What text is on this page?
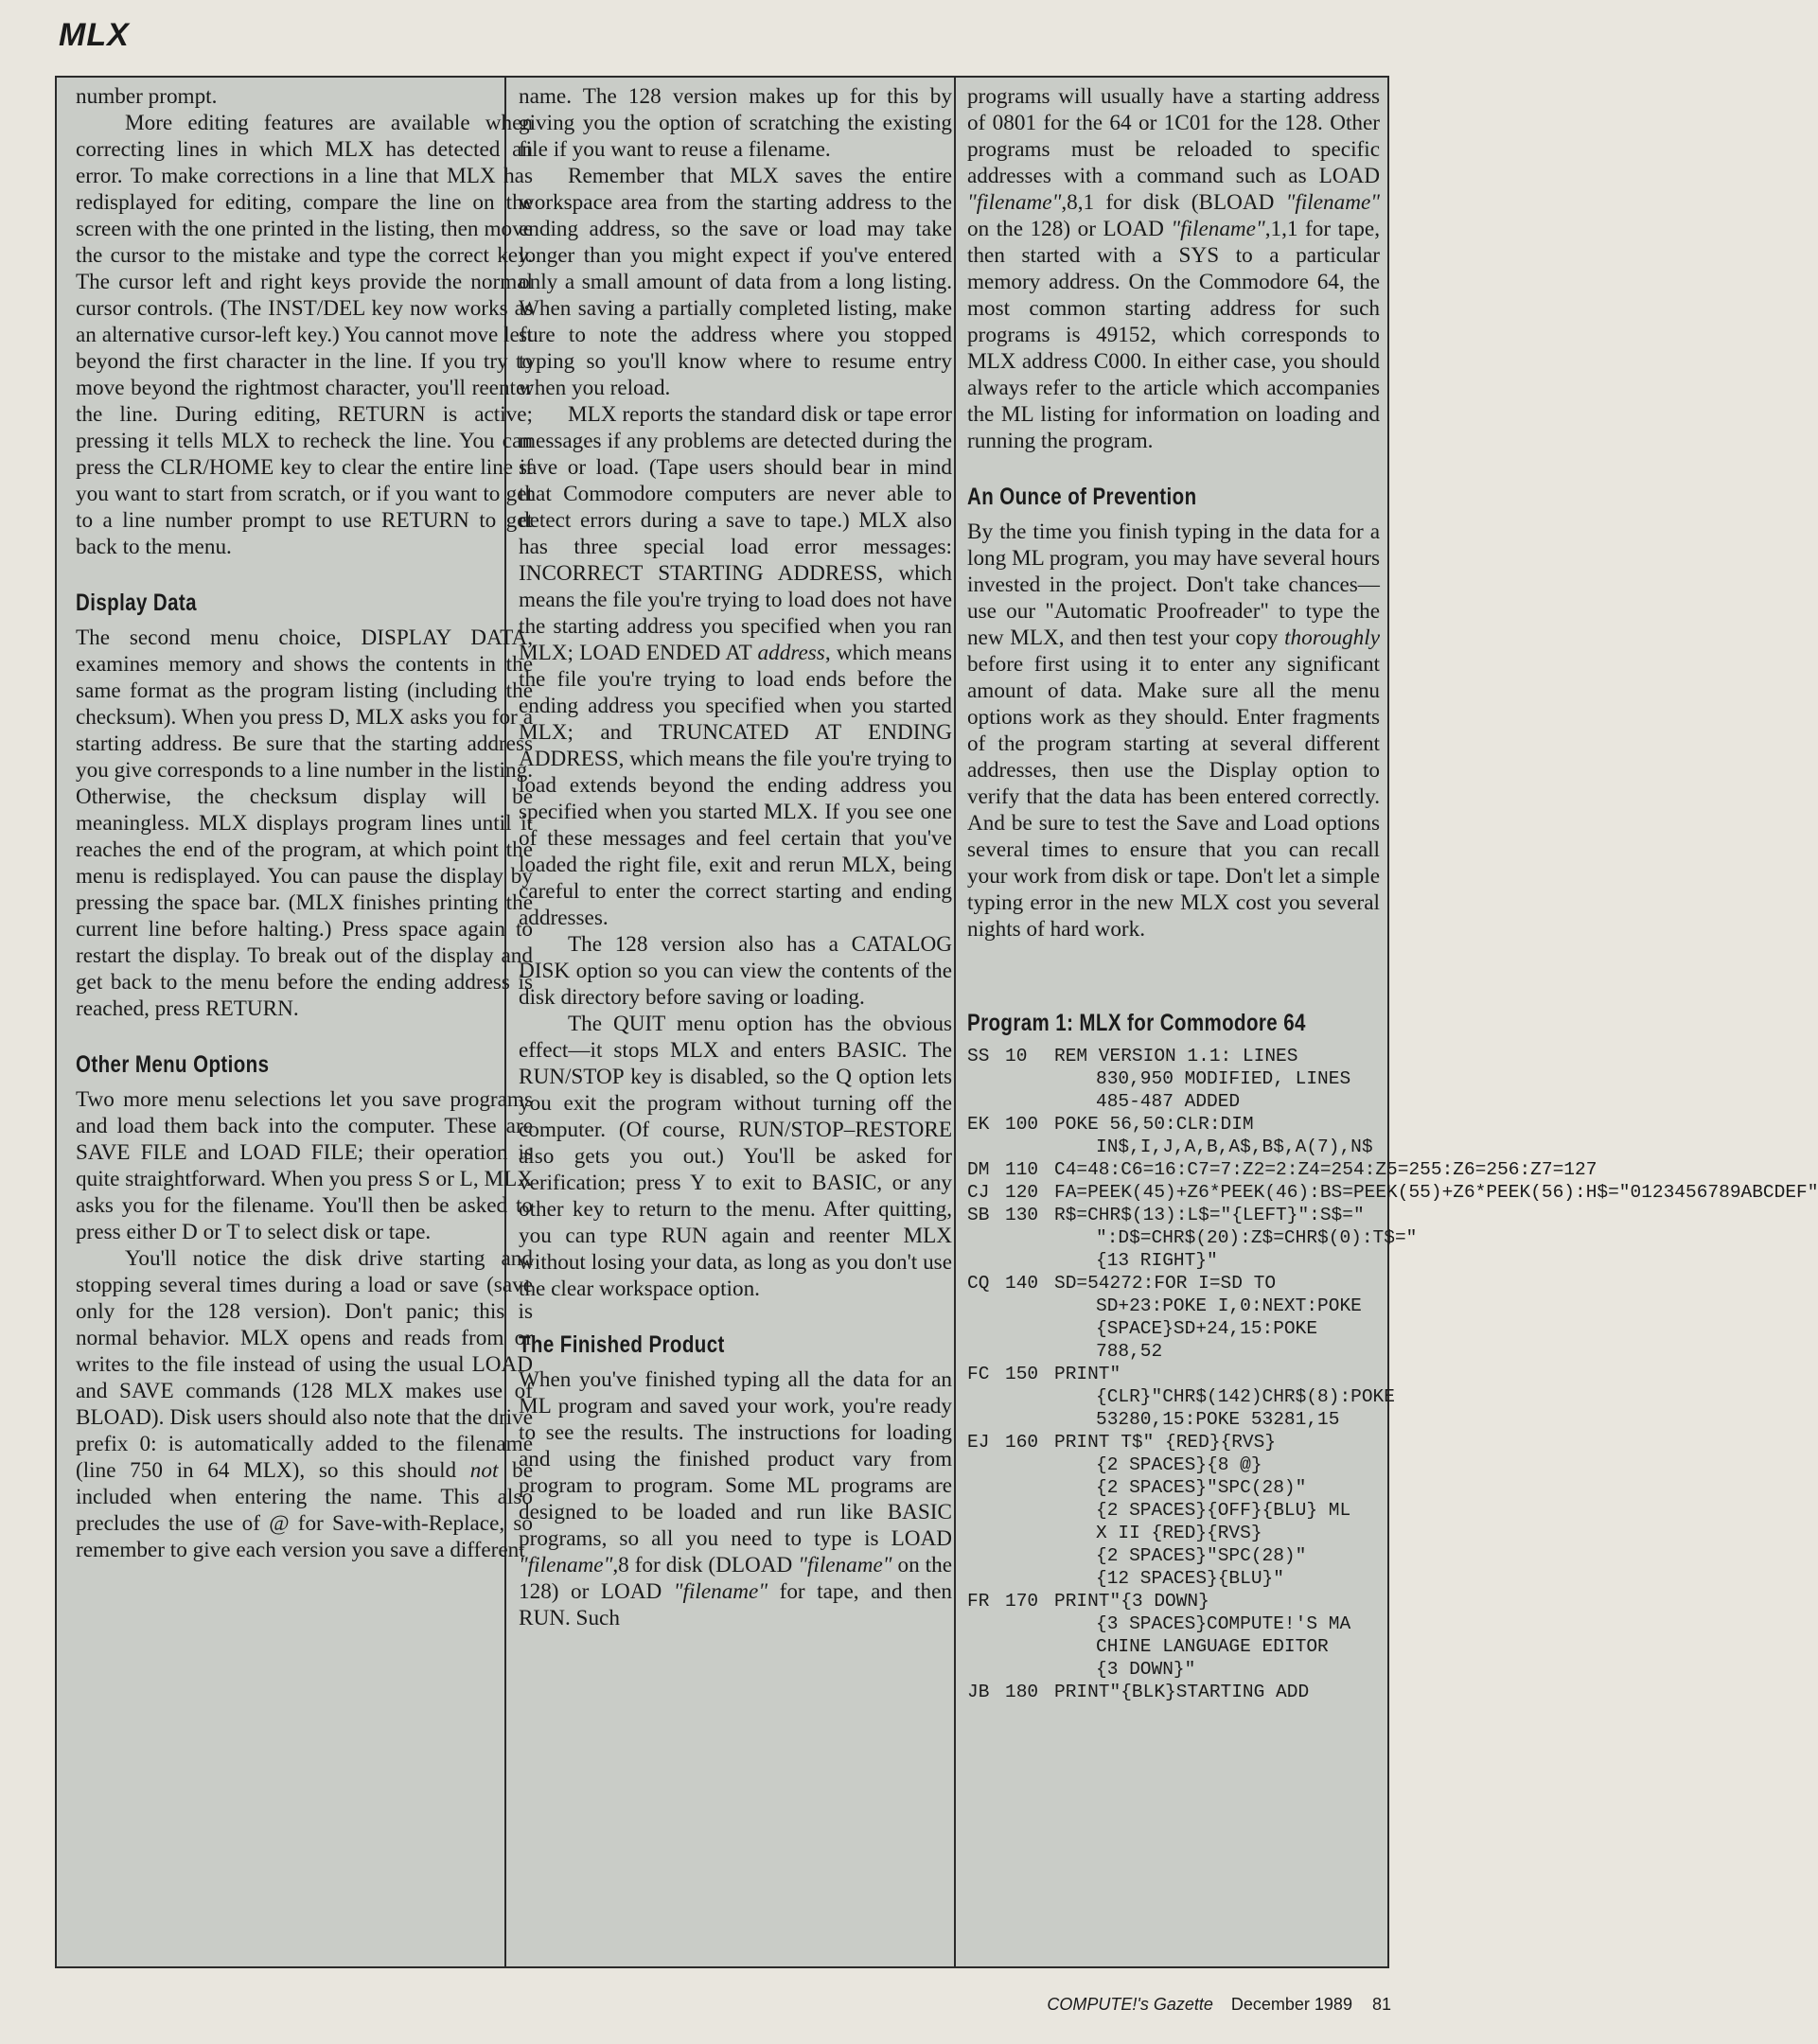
MLX

number prompt.

More editing features are available when correcting lines in which MLX has detected an error. To make corrections in a line that MLX has redisplayed for editing, compare the line on the screen with the one printed in the listing, then move the cursor to the mistake and type the correct key. The cursor left and right keys provide the normal cursor controls. (The INST/DEL key now works as an alternative cursor-left key.) You cannot move left beyond the first character in the line. If you try to move beyond the rightmost character, you'll reenter the line. During editing, RETURN is active; pressing it tells MLX to recheck the line. You can press the CLR/HOME key to clear the entire line if you want to start from scratch, or if you want to get to a line number prompt to use RETURN to get back to the menu.

Display Data

The second menu choice, DISPLAY DATA, examines memory and shows the contents in the same format as the program listing (including the checksum). When you press D, MLX asks you for a starting address. Be sure that the starting address you give corresponds to a line number in the listing. Otherwise, the checksum display will be meaningless. MLX displays program lines until it reaches the end of the program, at which point the menu is redisplayed. You can pause the display by pressing the space bar. (MLX finishes printing the current line before halting.) Press space again to restart the display. To break out of the display and get back to the menu before the ending address is reached, press RETURN.

Other Menu Options

Two more menu selections let you save programs and load them back into the computer. These are SAVE FILE and LOAD FILE; their operation is quite straightforward. When you press S or L, MLX asks you for the filename. You'll then be asked to press either D or T to select disk or tape.

You'll notice the disk drive starting and stopping several times during a load or save (save only for the 128 version). Don't panic; this is normal behavior. MLX opens and reads from or writes to the file instead of using the usual LOAD and SAVE commands (128 MLX makes use of BLOAD). Disk users should also note that the drive prefix 0: is automatically added to the filename (line 750 in 64 MLX), so this should not be included when entering the name. This also precludes the use of @ for Save-with-Replace, so remember to give each version you save a different

name. The 128 version makes up for this by giving you the option of scratching the existing file if you want to reuse a filename.

Remember that MLX saves the entire workspace area from the starting address to the ending address, so the save or load may take longer than you might expect if you've entered only a small amount of data from a long listing. When saving a partially completed listing, make sure to note the address where you stopped typing so you'll know where to resume entry when you reload.

MLX reports the standard disk or tape error messages if any problems are detected during the save or load. (Tape users should bear in mind that Commodore computers are never able to detect errors during a save to tape.) MLX also has three special load error messages: INCORRECT STARTING ADDRESS, which means the file you're trying to load does not have the starting address you specified when you ran MLX; LOAD ENDED AT address, which means the file you're trying to load ends before the ending address you specified when you started MLX; and TRUNCATED AT ENDING ADDRESS, which means the file you're trying to load extends beyond the ending address you specified when you started MLX. If you see one of these messages and feel certain that you've loaded the right file, exit and rerun MLX, being careful to enter the correct starting and ending addresses.

The 128 version also has a CATALOG DISK option so you can view the contents of the disk directory before saving or loading.

The QUIT menu option has the obvious effect—it stops MLX and enters BASIC. The RUN/STOP key is disabled, so the Q option lets you exit the program without turning off the computer. (Of course, RUN/STOP–RESTORE also gets you out.) You'll be asked for verification; press Y to exit to BASIC, or any other key to return to the menu. After quitting, you can type RUN again and reenter MLX without losing your data, as long as you don't use the clear workspace option.

The Finished Product

When you've finished typing all the data for an ML program and saved your work, you're ready to see the results. The instructions for loading and using the finished product vary from program to program. Some ML programs are designed to be loaded and run like BASIC programs, so all you need to type is LOAD "filename",8 for disk (DLOAD "filename" on the 128) or LOAD "filename" for tape, and then RUN. Such

programs will usually have a starting address of 0801 for the 64 or 1C01 for the 128. Other programs must be reloaded to specific addresses with a command such as LOAD "filename",8,1 for disk (BLOAD "filename" on the 128) or LOAD "filename",1,1 for tape, then started with a SYS to a particular memory address. On the Commodore 64, the most common starting address for such programs is 49152, which corresponds to MLX address C000. In either case, you should always refer to the article which accompanies the ML listing for information on loading and running the program.

An Ounce of Prevention

By the time you finish typing in the data for a long ML program, you may have several hours invested in the project. Don't take chances—use our "Automatic Proofreader" to type the new MLX, and then test your copy thoroughly before first using it to enter any significant amount of data. Make sure all the menu options work as they should. Enter fragments of the program starting at several different addresses, then use the Display option to verify that the data has been entered correctly. And be sure to test the Save and Load options several times to ensure that you can recall your work from disk or tape. Don't let a simple typing error in the new MLX cost you several nights of hard work.

Program 1: MLX for Commodore 64
SS 10	REM VERSION 1.1: LINES 830,950 MODIFIED, LINES 485-487 ADDED
EK 100 POKE 56,50:CLR:DIM IN$,I,J,A,B,A$,B$,A(7),N$
DM 110 C4=48:C6=16:C7=7:Z2=2:Z4=254:Z5=255:Z6=256:Z7=127
CJ 120 FA=PEEK(45)+Z6*PEEK(46):BS=PEEK(55)+Z6*PEEK(56):H$="0123456789ABCDEF"
SB 130 R$=CHR$(13):L$="{LEFT}":S$=" ":D$=CHR$(20):Z$=CHR$(0):T$="{13 RIGHT}"
CQ 140 SD=54272:FOR I=SD TO SD+23:POKE I,0:NEXT:POKE {SPACE}SD+24,15:POKE 788,52
FC 150 PRINT"{CLR}"CHR$(142)CHR$(8):POKE 53280,15:POKE 53281,15
EJ 160 PRINT T$" {RED}{RVS}
{2 SPACES}{8 @}
{2 SPACES}"SPC(28)"
{2 SPACES}{OFF}{BLU} ML
X II {RED}{RVS}
{2 SPACES}"SPC(28)"
{12 SPACES}{BLU}"
FR 170 PRINT"{3 DOWN}
{3 SPACES}COMPUTE!'S MA
CHINE LANGUAGE EDITOR
{3 DOWN}"
JB 180 PRINT"{BLK}STARTING ADD
COMPUTE!'s Gazette December 1989 81
